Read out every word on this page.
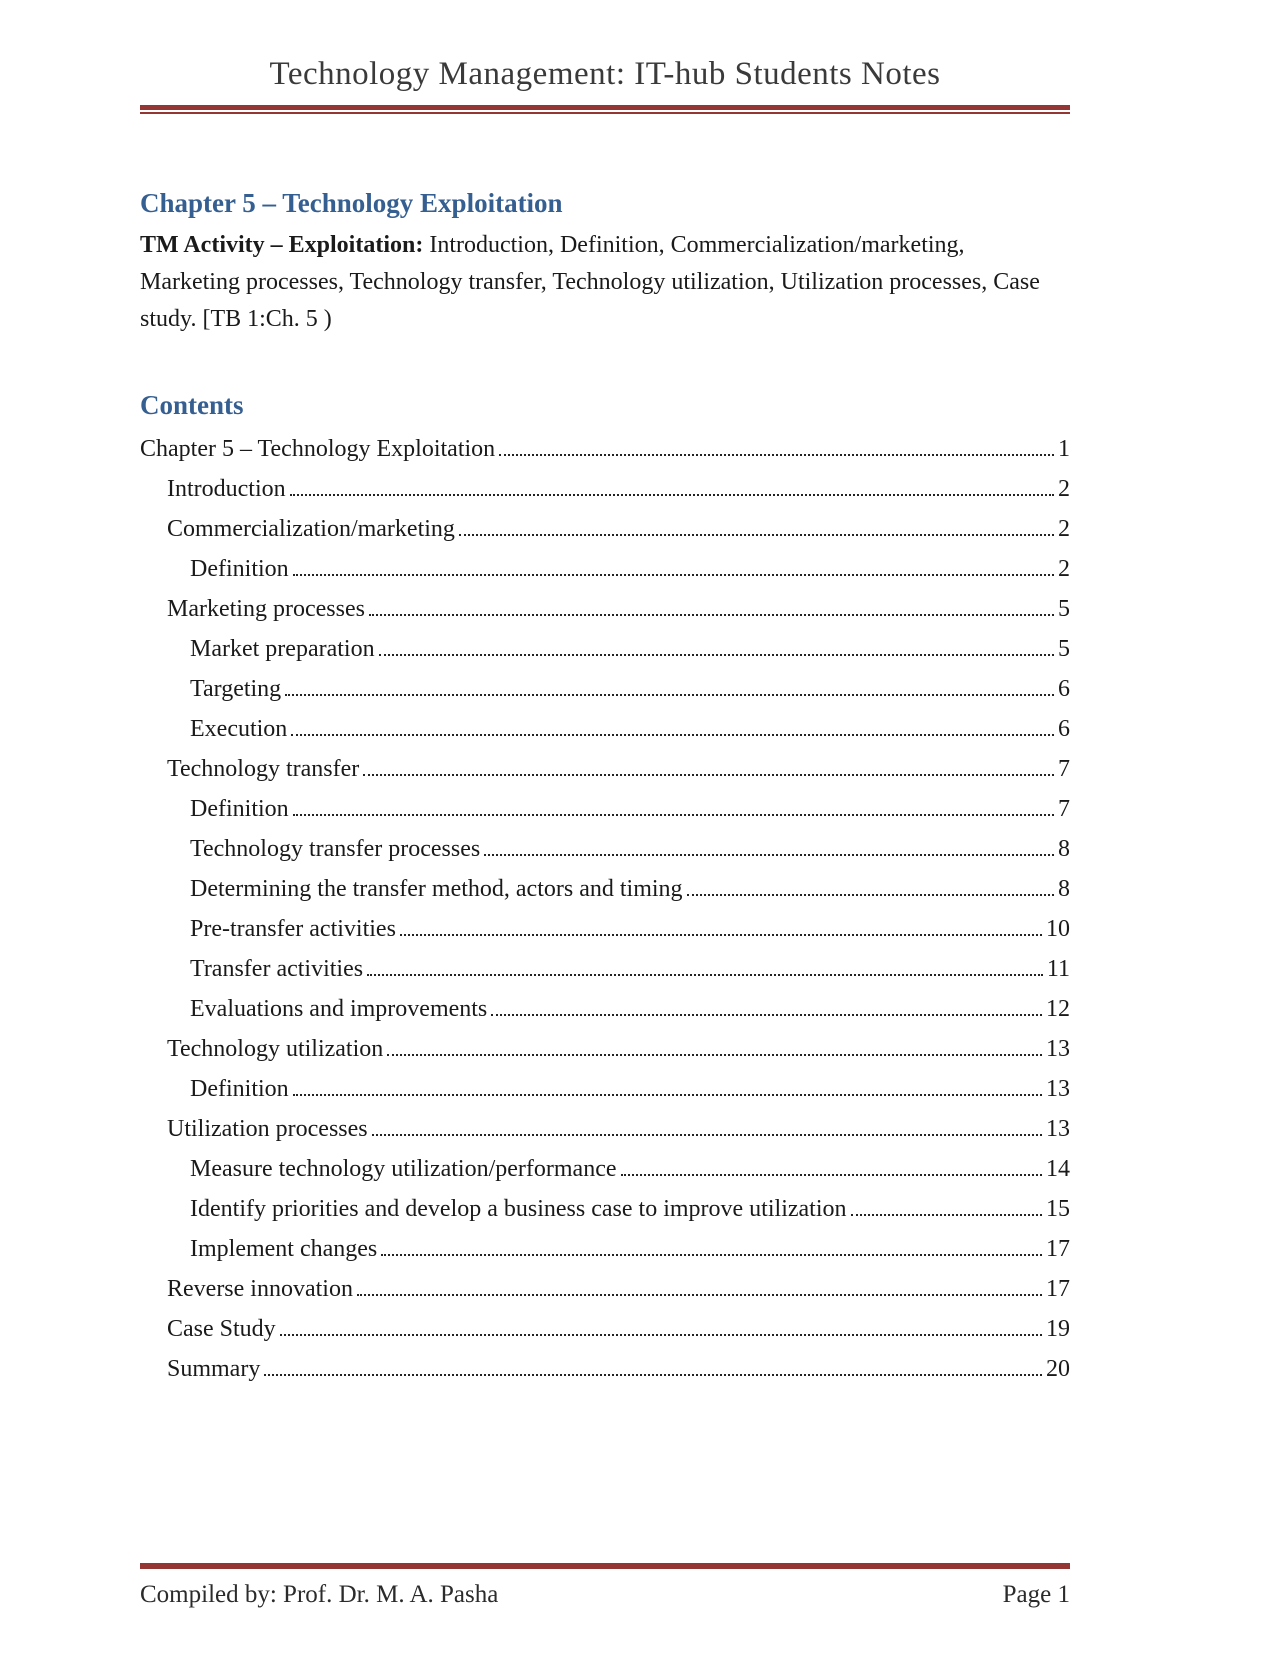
Technology Management: IT-hub Students Notes
Chapter 5 – Technology Exploitation

TM Activity – Exploitation: Introduction, Definition, Commercialization/marketing, Marketing processes, Technology transfer, Technology utilization, Utilization processes, Case study. [TB 1:Ch. 5 )

Contents
Chapter 5 – Technology Exploitation	1
Introduction	2
Commercialization/marketing	2
Definition	2
Marketing processes	5
Market preparation	5
Targeting	6
Execution	6
Technology transfer	7
Definition	7
Technology transfer processes	8
Determining the transfer method, actors and timing	8
Pre-transfer activities	10
Transfer activities	11
Evaluations and improvements	12
Technology utilization	13
Definition	13
Utilization processes	13
Measure technology utilization/performance	14
Identify priorities and develop a business case to improve utilization	15
Implement changes	17
Reverse innovation	17
Case Study	19
Summary	20
Compiled by: Prof. Dr. M. A. Pasha	Page 1
